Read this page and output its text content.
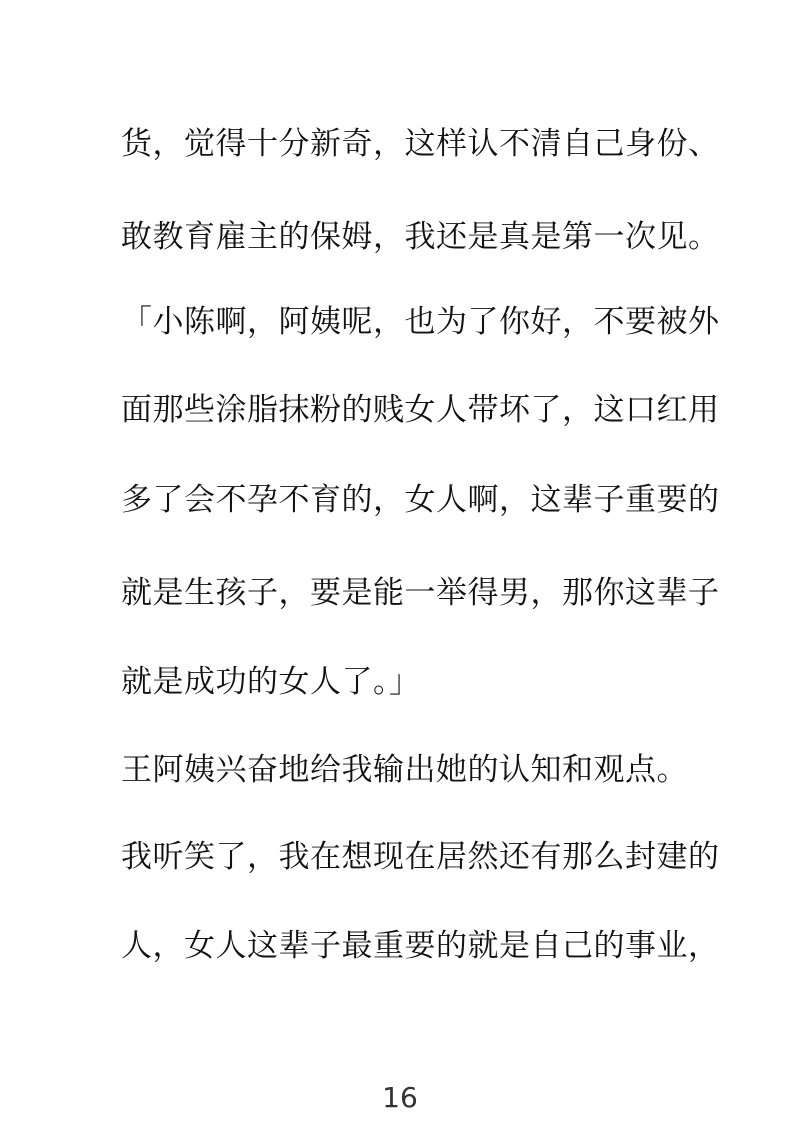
货，觉得十分新奇，这样认不清自己身份、
敢教育雇主的保姆，我还是真是第一次见。
「小陈啊，阿姨呢，也为了你好，不要被外
面那些涂脂抹粉的贱女人带坏了，这口红用
多了会不孕不育的，女人啊，这辈子重要的
就是生孩子，要是能一举得男，那你这辈子
就是成功的女人了。」
王阿姨兴奋地给我输出她的认知和观点。
我听笑了，我在想现在居然还有那么封建的
人，女人这辈子最重要的就是自己的事业，
16
